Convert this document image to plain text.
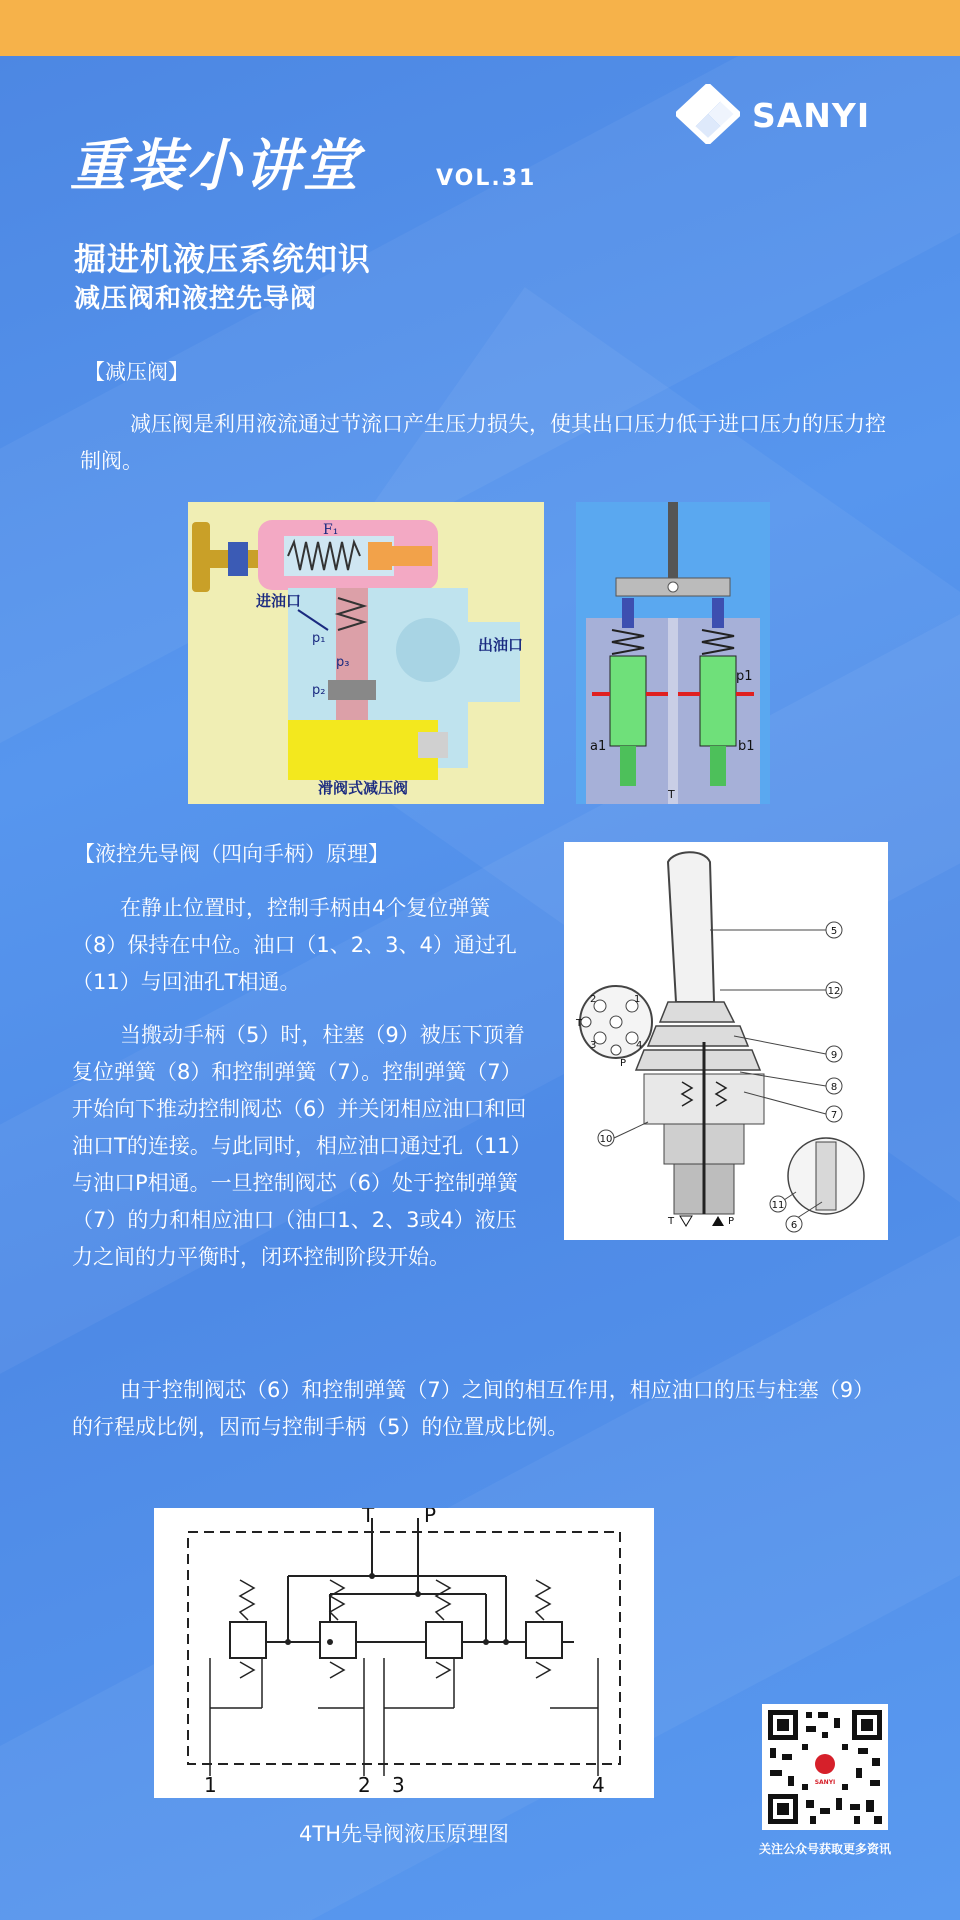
SANYI
重装小讲堂	VOL.31
掘进机液压系统知识
减压阀和液控先导阀
【减压阀】

减压阀是利用液流通过节流口产生压力损失，使其出口压力低于进口压力的压力控制阀。

F₁
p₃
p₁
p₂
进油口
出油口
滑阀式减压阀
p1
a1	b1
T
【液控先导阀（四向手柄）原理】

在静止位置时，控制手柄由4个复位弹簧（8）保持在中位。油口（1、2、3、4）通过孔（11）与回油孔T相通。

当搬动手柄（5）时，柱塞（9）被压下顶着复位弹簧（8）和控制弹簧（7）。控制弹簧（7）开始向下推动控制阀芯（6）并关闭相应油口和回油口T的连接。与此同时，相应油口通过孔（11）与油口P相通。一旦控制阀芯（6）处于控制弹簧（7）的力和相应油口（油口1、2、3或4）液压力之间的力平衡时，闭环控制阶段开始。

5
12
9
8
7
10
11
6
T
P
1
2
3	4
T	P

由于控制阀芯（6）和控制弹簧（7）之间的相互作用，相应油口的压与柱塞（9）的行程成比例，因而与控制手柄（5）的位置成比例。

T P
1	2 3	4
4TH先导阀液压原理图
SANYI
关注公众号获取更多资讯
